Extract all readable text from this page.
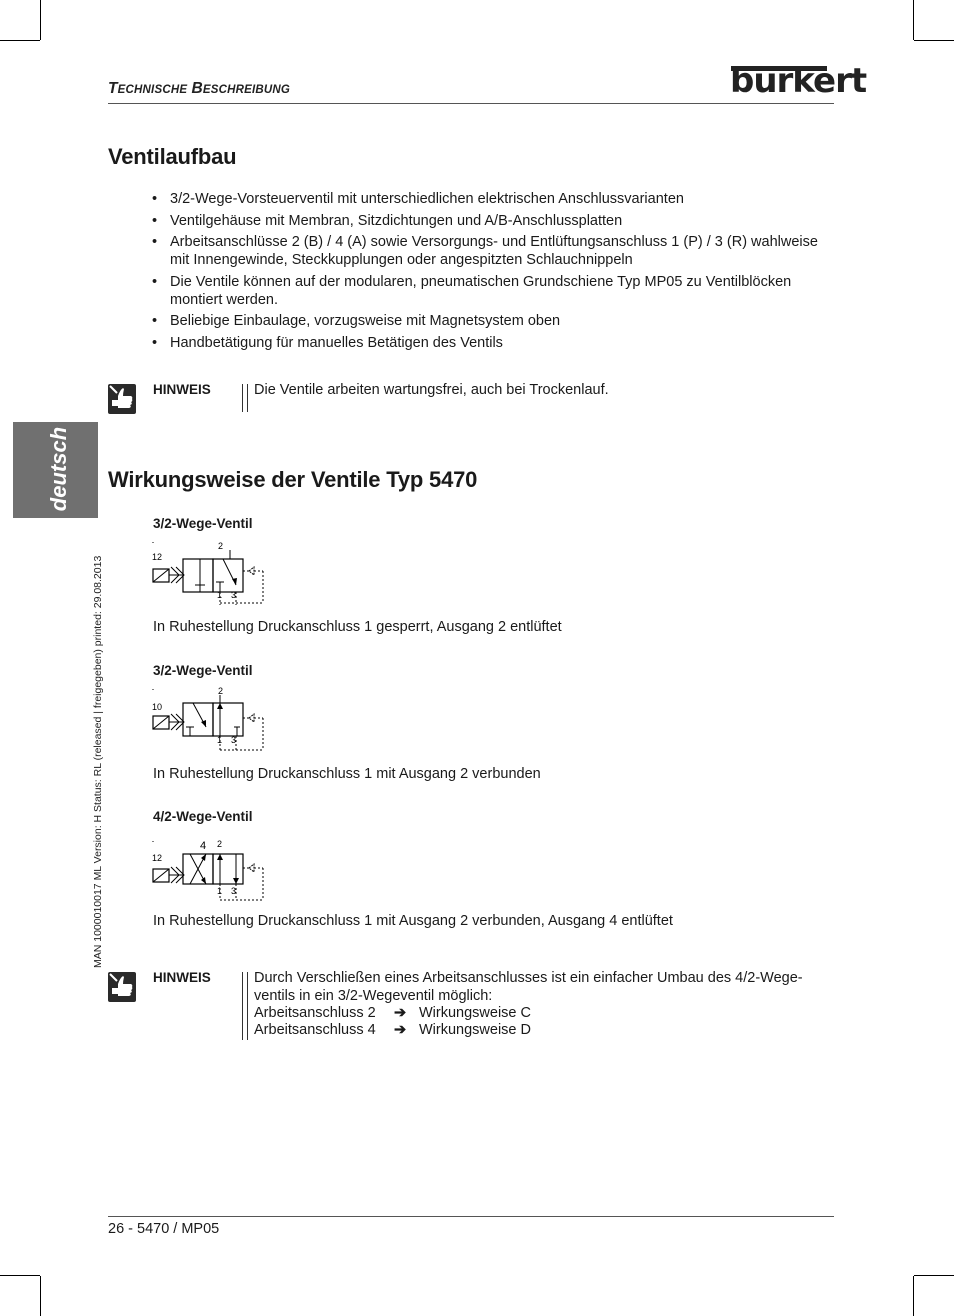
TECHNISCHE BESCHREIBUNG	burkert
Ventilaufbau
• 3/2-Wege-Vorsteuerventil mit unterschiedlichen elektrischen Anschlussvarianten
• Ventilgehäuse mit Membran, Sitzdichtungen und A/B-Anschlussplatten
• Arbeitsanschlüsse 2 (B) / 4 (A) sowie Versorgungs- und Entlüftungsanschluss 1 (P) / 3 (R) wahlweise
mit Innengewinde, Steckkupplungen oder angespitzten Schlauchnippeln
• Die Ventile können auf der modularen, pneumatischen Grundschiene Typ MP05 zu Ventilblöcken
montiert werden.
• Beliebige Einbaulage, vorzugsweise mit Magnetsystem oben
• Handbetätigung für manuelles Betätigen des Ventils
HINWEIS	Die Ventile arbeiten wartungsfrei, auch bei Trockenlauf.
deutsch
MAN 1000010017 ML Version: H Status: RL (released | freigegeben) printed: 29.08.2013
Wirkungsweise der Ventile Typ 5470
3/2-Wege-Ventil
12
2
1 3
In Ruhestellung Druckanschluss 1 gesperrt, Ausgang 2 entlüftet
3/2-Wege-Ventil
10
2
1 3
In Ruhestellung Druckanschluss 1 mit Ausgang 2 verbunden
4/2-Wege-Ventil
12
4 2
1 3
In Ruhestellung Druckanschluss 1 mit Ausgang 2 verbunden, Ausgang 4 entlüftet
HINWEIS	Durch Verschließen eines Arbeitsanschlusses ist ein einfacher Umbau des 4/2-Wege-
ventils in ein 3/2-Wegeventil möglich:
Arbeitsanschluss 2 ➔ Wirkungsweise C
Arbeitsanschluss 4 ➔ Wirkungsweise D
26 - 5470 / MP05
